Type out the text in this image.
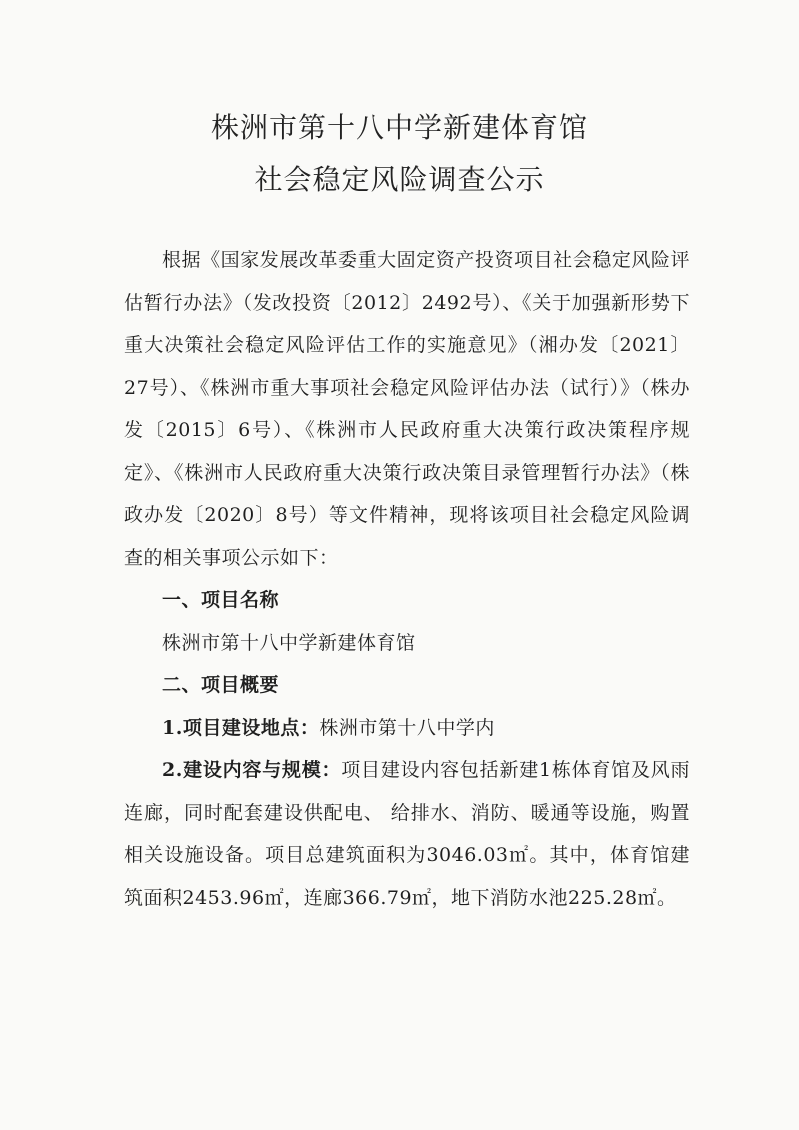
株洲市第十八中学新建体育馆
社会稳定风险调查公示

根据《国家发展改革委重大固定资产投资项目社会稳定风险评估暂行办法》（发改投资〔2012〕2492号）、《关于加强新形势下重大决策社会稳定风险评估工作的实施意见》（湘办发〔2021〕27号）、《株洲市重大事项社会稳定风险评估办法（试行）》（株办发〔2015〕6号）、《株洲市人民政府重大决策行政决策程序规定》、《株洲市人民政府重大决策行政决策目录管理暂行办法》（株政办发〔2020〕8号）等文件精神，现将该项目社会稳定风险调查的相关事项公示如下：

一、项目名称

株洲市第十八中学新建体育馆

二、项目概要

1.项目建设地点：株洲市第十八中学内

2.建设内容与规模：项目建设内容包括新建1栋体育馆及风雨连廊，同时配套建设供配电、 给排水、消防、暖通等设施，购置相关设施设备。项目总建筑面积为3046.03㎡。其中，体育馆建筑面积2453.96㎡，连廊366.79㎡，地下消防水池225.28㎡。
